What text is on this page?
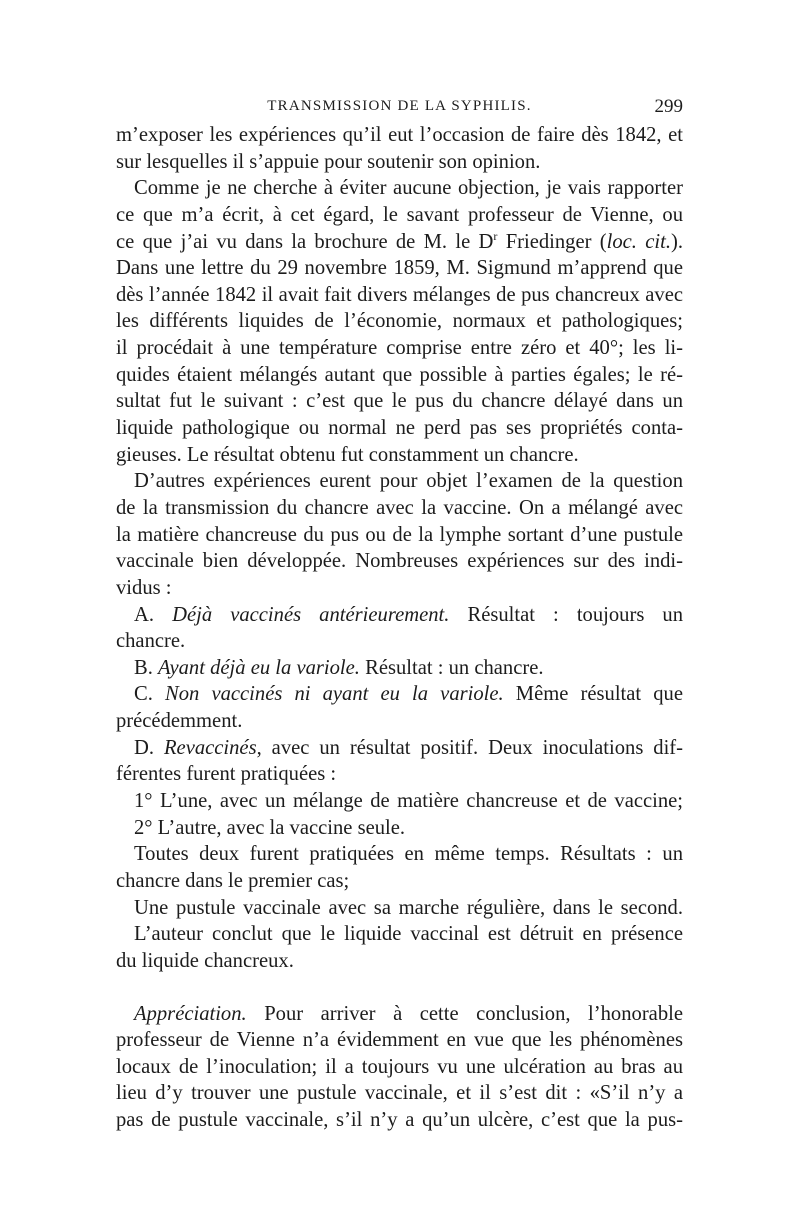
TRANSMISSION DE LA SYPHILIS.	299
m’exposer les expériences qu’il eut l’occasion de faire dès 1842, et
sur lesquelles il s’appuie pour soutenir son opinion.
Comme je ne cherche à éviter aucune objection, je vais rapporter
ce que m’a écrit, à cet égard, le savant professeur de Vienne, ou
ce que j’ai vu dans la brochure de M. le $D^r$ Friedinger (loc. cit.).
Dans une lettre du 29 novembre 1859, M. Sigmund m’apprend que
dès l’année 1842 il avait fait divers mélanges de pus chancreux avec
les différents liquides de l’économie, normaux et pathologiques;
il procédait à une température comprise entre zéro et 40°; les li-
quides étaient mélangés autant que possible à parties égales; le ré-
sultat fut le suivant : c’est que le pus du chancre délayé dans un
liquide pathologique ou normal ne perd pas ses propriétés conta-
gieuses. Le résultat obtenu fut constamment un chancre.
D’autres expériences eurent pour objet l’examen de la question
de la transmission du chancre avec la vaccine. On a mélangé avec
la matière chancreuse du pus ou de la lymphe sortant d’une pustule
vaccinale bien développée. Nombreuses expériences sur des indi-
vidus :
A. Déjà vaccinés antérieurement. Résultat : toujours un
chancre.
B. Ayant déjà eu la variole. Résultat : un chancre.
C. Non vaccinés ni ayant eu la variole. Même résultat que
précédemment.
D. Revaccinés, avec un résultat positif. Deux inoculations dif-
férentes furent pratiquées :
1° L’une, avec un mélange de matière chancreuse et de vaccine;
2° L’autre, avec la vaccine seule.
Toutes deux furent pratiquées en même temps. Résultats : un
chancre dans le premier cas;
Une pustule vaccinale avec sa marche régulière, dans le second.
L’auteur conclut que le liquide vaccinal est détruit en présence
du liquide chancreux.
Appréciation. Pour arriver à cette conclusion, l’honorable
professeur de Vienne n’a évidemment en vue que les phénomènes
locaux de l’inoculation; il a toujours vu une ulcération au bras au
lieu d’y trouver une pustule vaccinale, et il s’est dit : «S’il n’y a
pas de pustule vaccinale, s’il n’y a qu’un ulcère, c’est que la pus-
